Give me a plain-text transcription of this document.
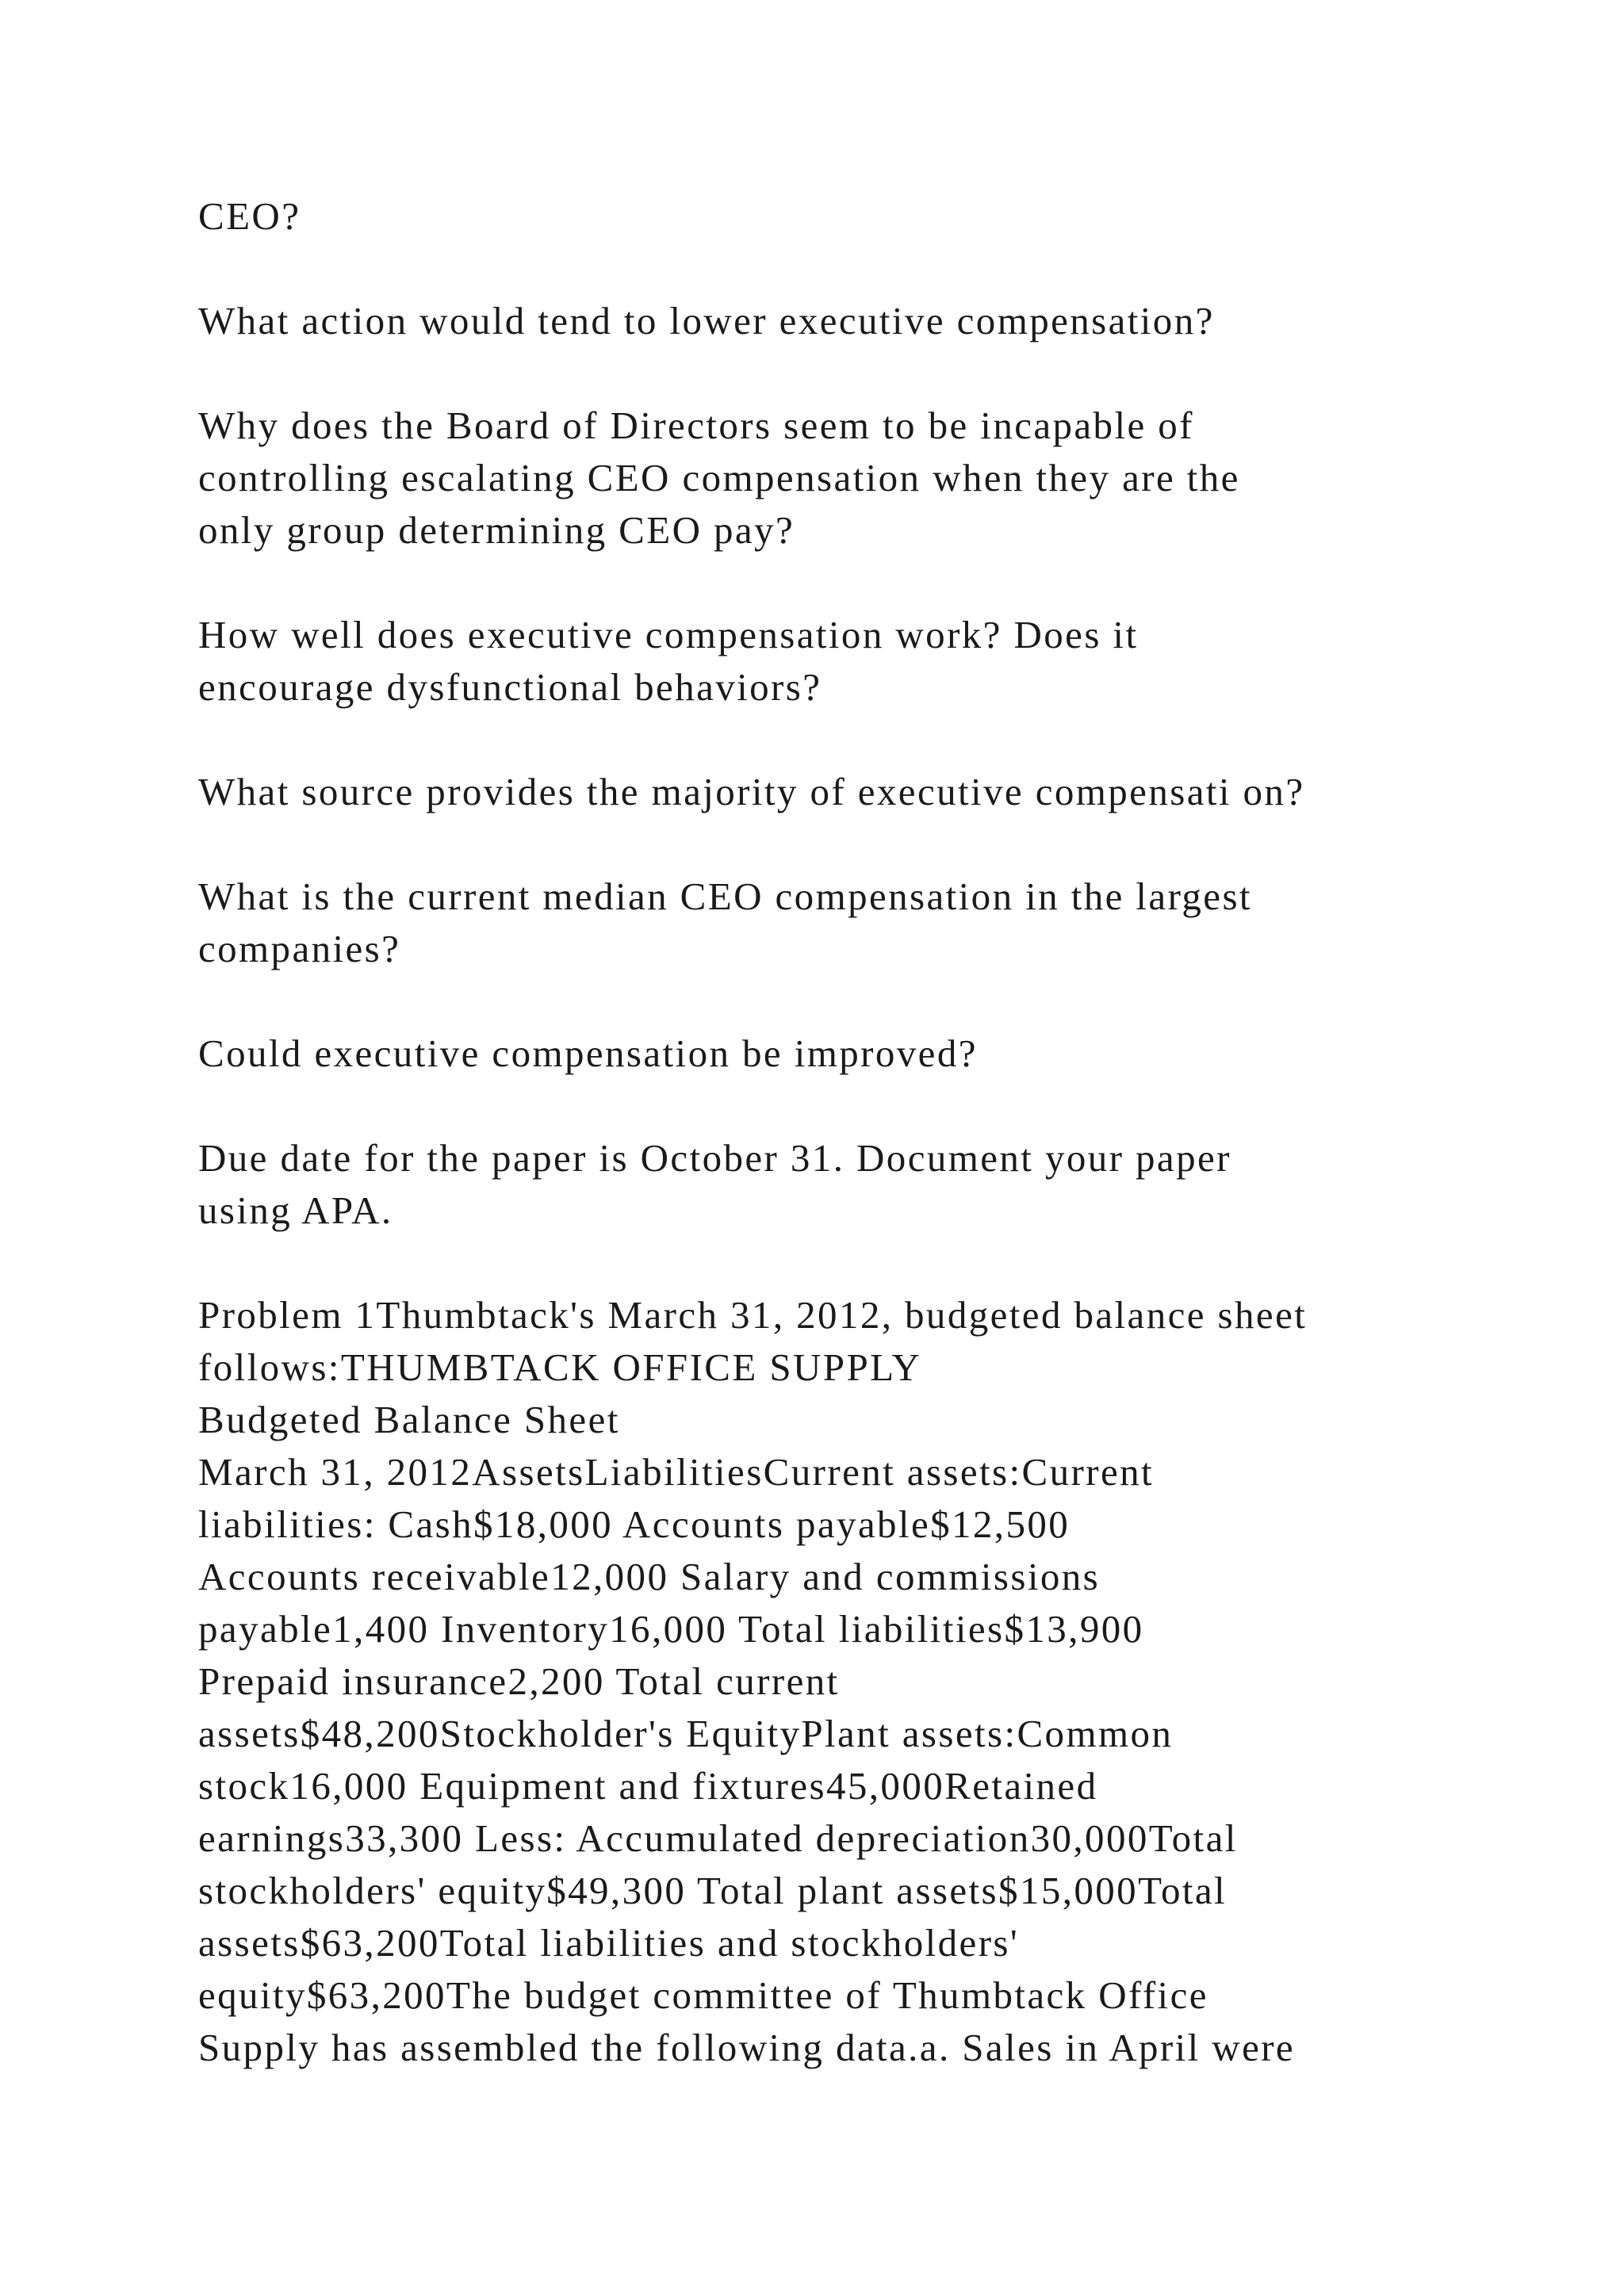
CEO?

What action would tend to lower executive compensation?

Why does the Board of Directors seem to be incapable of
controlling escalating CEO compensation when they are the
only group determining CEO pay?

How well does executive compensation work? Does it
encourage dysfunctional behaviors?

What source provides the majority of executive compensati on?

What is the current median CEO compensation in the largest
companies?

Could executive compensation be improved?

Due date for the paper is October 31. Document your paper
using APA.

Problem 1Thumbtack's March 31, 2012, budgeted balance sheet
follows:THUMBTACK OFFICE SUPPLY
Budgeted Balance Sheet
March 31, 2012AssetsLiabilitiesCurrent assets:Current
liabilities: Cash$18,000 Accounts payable$12,500
Accounts receivable12,000 Salary and commissions
payable1,400 Inventory16,000 Total liabilities$13,900
Prepaid insurance2,200 Total current
assets$48,200Stockholder's EquityPlant assets:Common
stock16,000 Equipment and fixtures45,000Retained
earnings33,300 Less: Accumulated depreciation30,000Total
stockholders' equity$49,300 Total plant assets$15,000Total
assets$63,200Total liabilities and stockholders'
equity$63,200The budget committee of Thumbtack Office
Supply has assembled the following data.a. Sales in April were
